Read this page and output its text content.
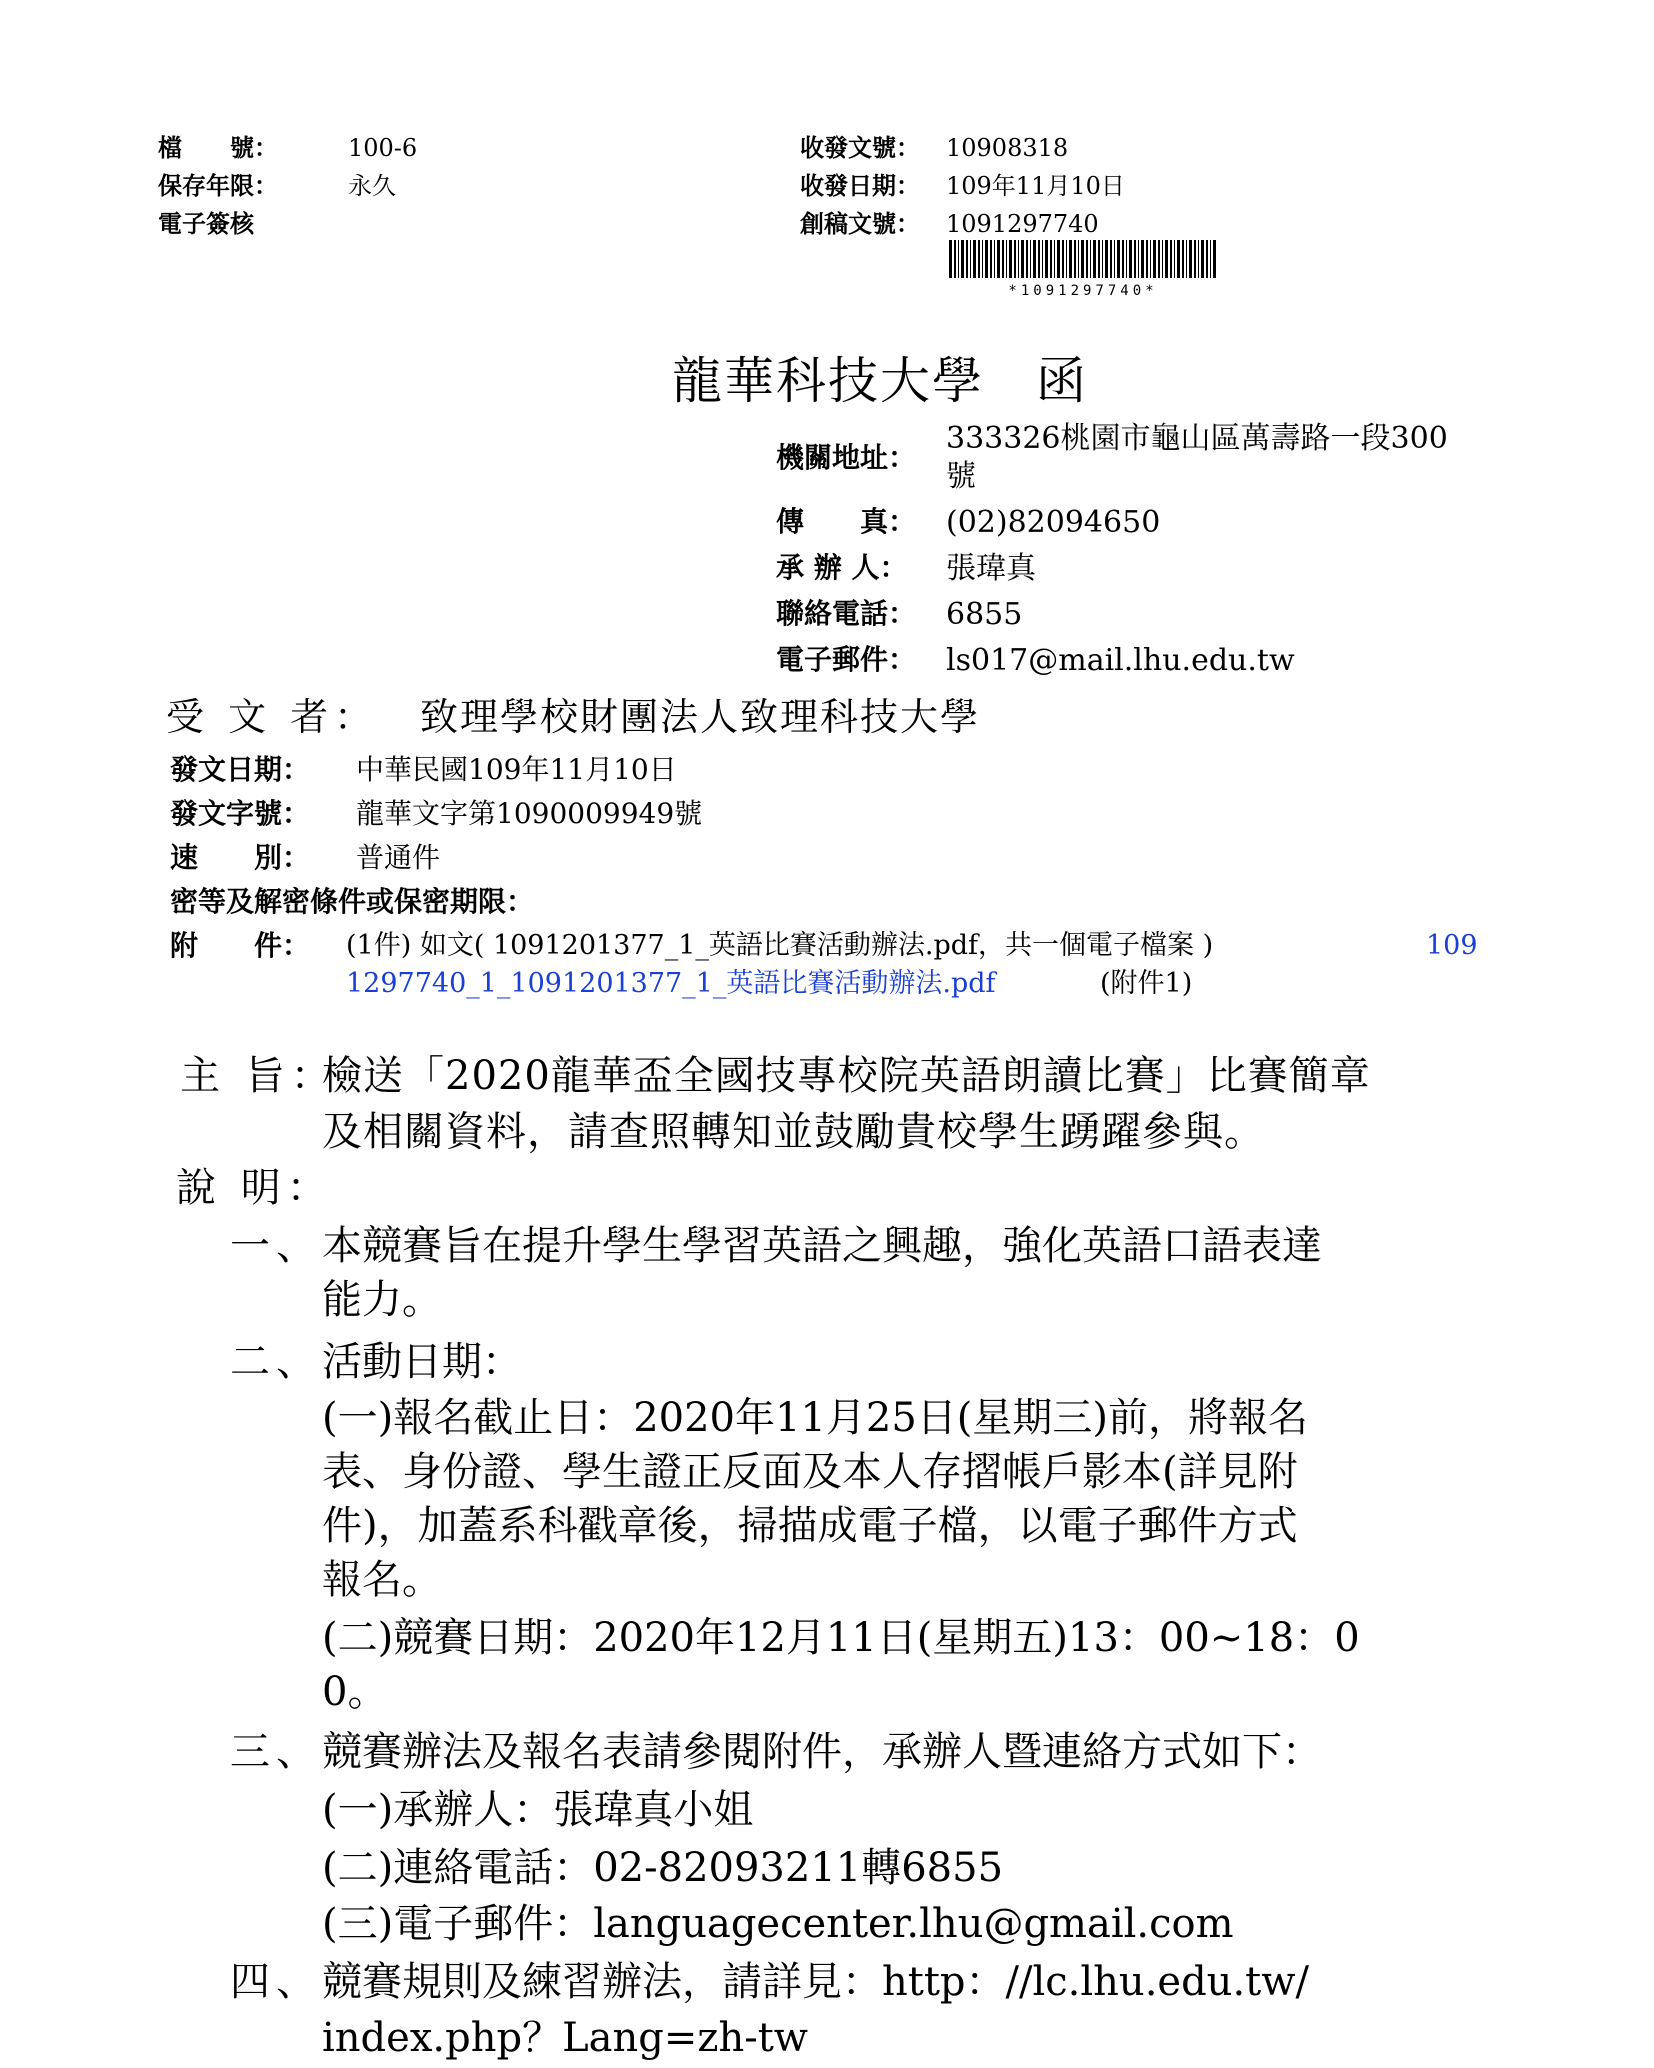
檔　　號：	100-6
保存年限：	永久
電子簽核
收發文號： 10908318
收發日期： 109年11月10日
創稿文號： 1091297740
*1091297740*
龍華科技大學　函
機關地址：
333326桃園市龜山區萬壽路一段300
號
傳　　真： (02)82094650
承 辦 人： 張瑋真
聯絡電話： 6855
電子郵件： ls017@mail.lhu.edu.tw
受 文 者： 致理學校財團法人致理科技大學
發文日期： 中華民國109年11月10日
發文字號： 龍華文字第1090009949號
速　　別： 普通件
密等及解密條件或保密期限：
附　　件： (1件) 如文( 1091201377_1_英語比賽活動辦法.pdf，共一個電子檔案 )	109
1297740_1_1091201377_1_英語比賽活動辦法.pdf	(附件1)
主 旨：
檢送「2020龍華盃全國技專校院英語朗讀比賽」比賽簡章
及相關資料，請查照轉知並鼓勵貴校學生踴躍參與。
說 明：
一、 本競賽旨在提升學生學習英語之興趣，強化英語口語表達
能力。
二、 活動日期：
(一)報名截止日：2020年11月25日(星期三)前，將報名
表、身份證、學生證正反面及本人存摺帳戶影本(詳見附
件)，加蓋系科戳章後，掃描成電子檔，以電子郵件方式
報名。
(二)競賽日期：2020年12月11日(星期五)13：00~18：0
0。
三、 競賽辦法及報名表請參閱附件，承辦人暨連絡方式如下：
(一)承辦人：張瑋真小姐
(二)連絡電話：02-82093211轉6855
(三)電子郵件：languagecenter.lhu@gmail.com
四、 競賽規則及練習辦法，請詳見：http：//lc.lhu.edu.tw/
index.php？Lang=zh-tw
